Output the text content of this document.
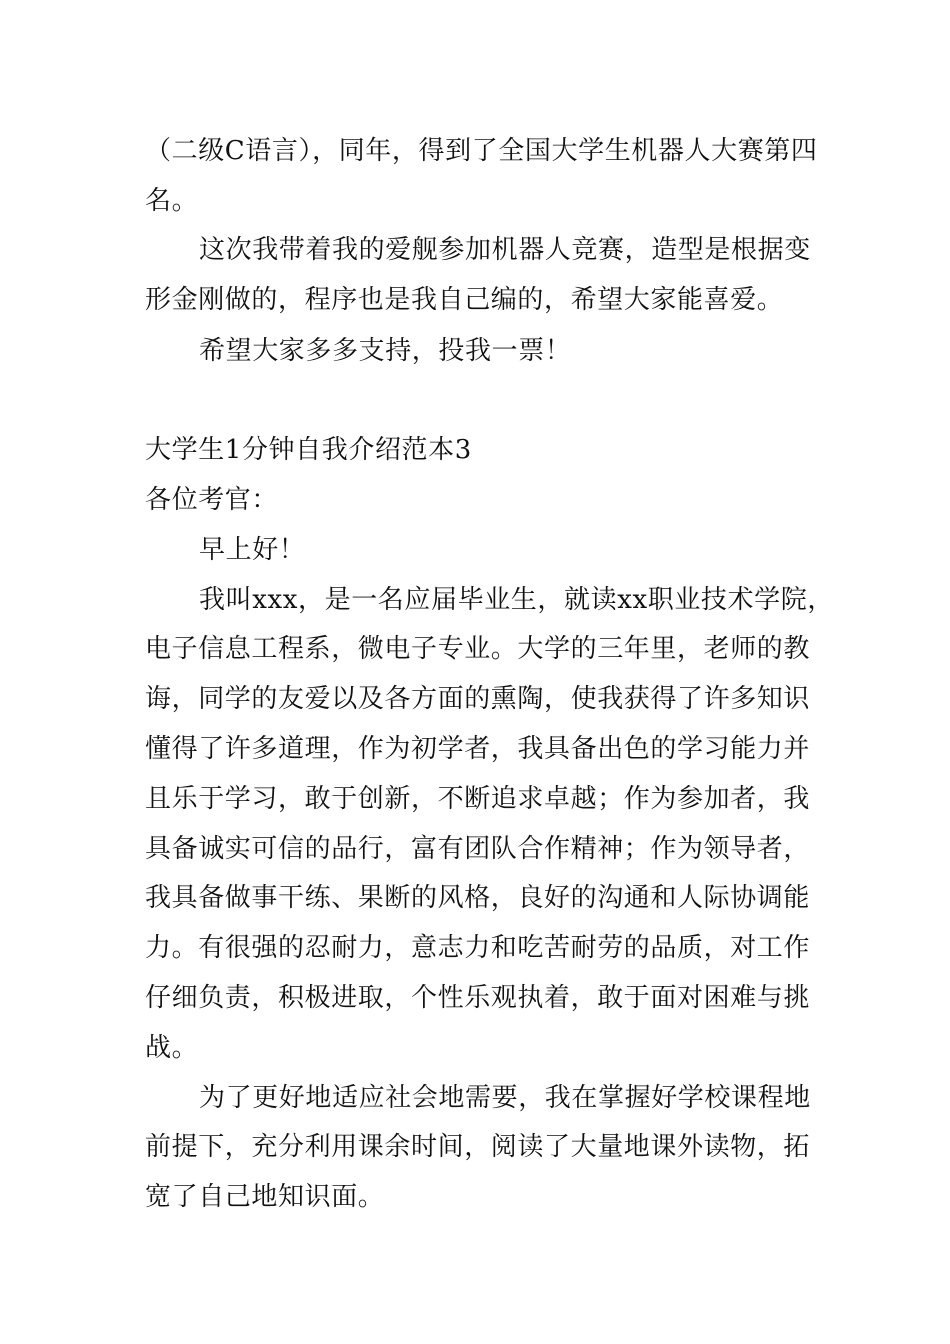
（二级C语言），同年，得到了全国大学生机器人大赛第四
名。
这次我带着我的爱舰参加机器人竞赛，造型是根据变
形金刚做的，程序也是我自己编的，希望大家能喜爱。
希望大家多多支持，投我一票！
大学生1分钟自我介绍范本3
各位考官：
早上好！
我叫xxx，是一名应届毕业生，就读xx职业技术学院，
电子信息工程系，微电子专业。大学的三年里，老师的教
诲，同学的友爱以及各方面的熏陶，使我获得了许多知识
懂得了许多道理，作为初学者，我具备出色的学习能力并
且乐于学习，敢于创新，不断追求卓越；作为参加者，我
具备诚实可信的品行，富有团队合作精神；作为领导者，
我具备做事干练、果断的风格，良好的沟通和人际协调能
力。有很强的忍耐力，意志力和吃苦耐劳的品质，对工作
仔细负责，积极进取，个性乐观执着，敢于面对困难与挑
战。
为了更好地适应社会地需要，我在掌握好学校课程地
前提下，充分利用课余时间，阅读了大量地课外读物，拓
宽了自己地知识面。
